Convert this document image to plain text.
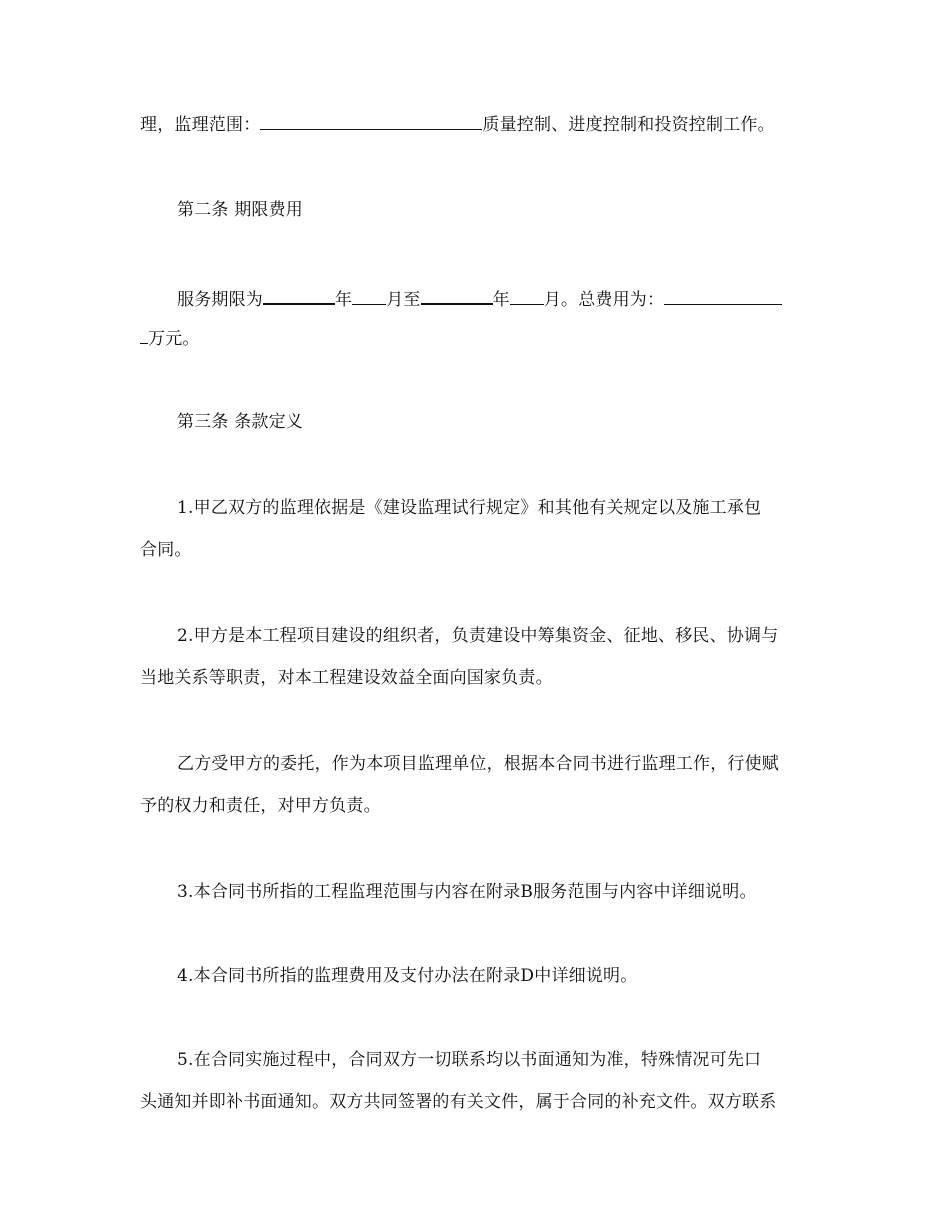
理，监理范围：	质量控制、进度控制和投资控制工作。
第二条 期限费用
服务期限为	年 月至	年 月。总费用为：
万元。
第三条 条款定义
1.甲乙双方的监理依据是《建设监理试行规定》和其他有关规定以及施工承包
合同。
2.甲方是本工程项目建设的组织者，负责建设中筹集资金、征地、移民、协调与
当地关系等职责，对本工程建设效益全面向国家负责。
乙方受甲方的委托，作为本项目监理单位，根据本合同书进行监理工作，行使赋
予的权力和责任，对甲方负责。
3.本合同书所指的工程监理范围与内容在附录B服务范围与内容中详细说明。
4.本合同书所指的监理费用及支付办法在附录D中详细说明。
5.在合同实施过程中，合同双方一切联系均以书面通知为准，特殊情况可先口
头通知并即补书面通知。双方共同签署的有关文件，属于合同的补充文件。双方联系
